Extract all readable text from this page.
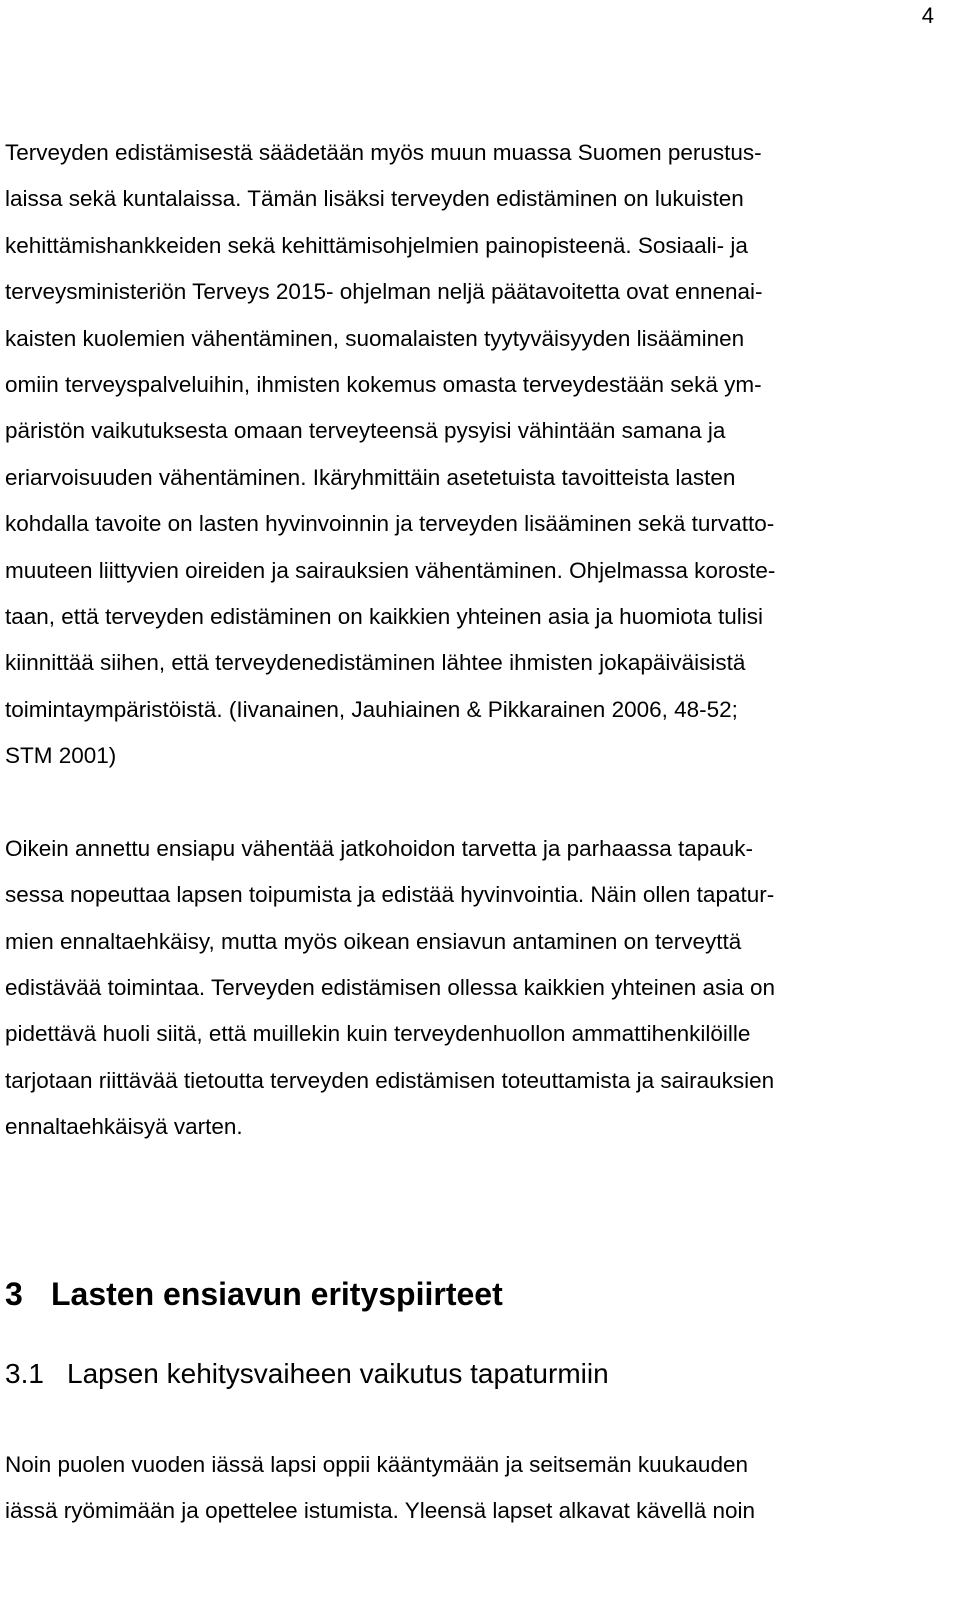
4

Terveyden edistämisestä säädetään myös muun muassa Suomen perustus-
laissa sekä kuntalaissa. Tämän lisäksi terveyden edistäminen on lukuisten
kehittämishankkeiden sekä kehittämisohjelmien painopisteenä. Sosiaali- ja
terveysministeriön Terveys 2015- ohjelman neljä päätavoitetta ovat ennenai-
kaisten kuolemien vähentäminen, suomalaisten tyytyväisyyden lisääminen
omiin terveyspalveluihin, ihmisten kokemus omasta terveydestään sekä ym-
päristön vaikutuksesta omaan terveyteensä pysyisi vähintään samana ja
eriarvoisuuden vähentäminen. Ikäryhmittäin asetetuista tavoitteista lasten
kohdalla tavoite on lasten hyvinvoinnin ja terveyden lisääminen sekä turvatto-
muuteen liittyvien oireiden ja sairauksien vähentäminen. Ohjelmassa koroste-
taan, että terveyden edistäminen on kaikkien yhteinen asia ja huomiota tulisi
kiinnittää siihen, että terveydenedistäminen lähtee ihmisten jokapäiväisistä
toimintaympäristöistä. (Iivanainen, Jauhiainen & Pikkarainen 2006, 48-52;
STM 2001)

Oikein annettu ensiapu vähentää jatkohoidon tarvetta ja parhaassa tapauk-
sessa nopeuttaa lapsen toipumista ja edistää hyvinvointia. Näin ollen tapatur-
mien ennaltaehkäisy, mutta myös oikean ensiavun antaminen on terveyttä
edistävää toimintaa. Terveyden edistämisen ollessa kaikkien yhteinen asia on
pidettävä huoli siitä, että muillekin kuin terveydenhuollon ammattihenkilöille
tarjotaan riittävää tietoutta terveyden edistämisen toteuttamista ja sairauksien
ennaltaehkäisyä varten.

3 Lasten ensiavun erityspiirteet
3.1 Lapsen kehitysvaiheen vaikutus tapaturmiin

Noin puolen vuoden iässä lapsi oppii kääntymään ja seitsemän kuukauden
iässä ryömimään ja opettelee istumista. Yleensä lapset alkavat kävellä noin
